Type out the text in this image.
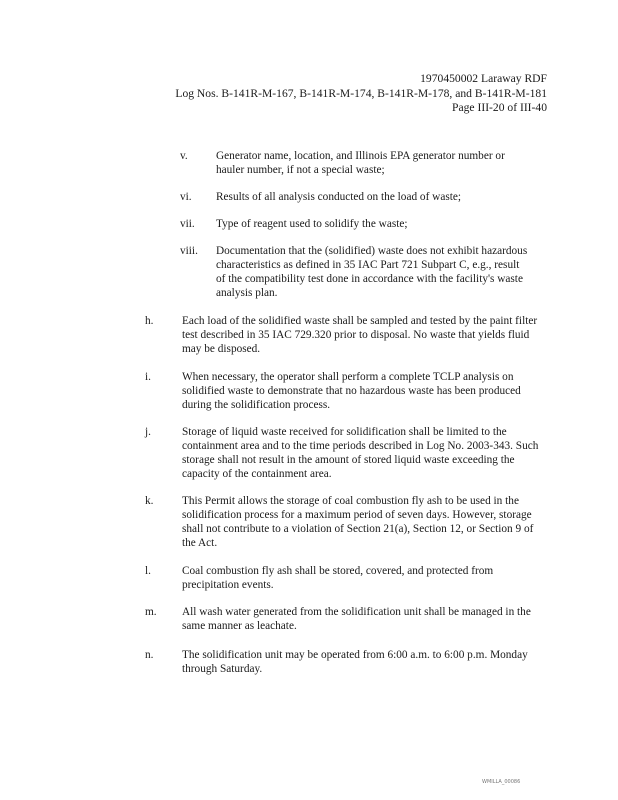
1970450002 Laraway RDF
Log Nos. B-141R-M-167, B-141R-M-174, B-141R-M-178, and B-141R-M-181
Page III-20 of III-40
v.	Generator name, location, and Illinois EPA generator number or hauler number, if not a special waste;
vi. Results of all analysis conducted on the load of waste;
vii. Type of reagent used to solidify the waste;
viii. Documentation that the (solidified) waste does not exhibit hazardous characteristics as defined in 35 IAC Part 721 Subpart C, e.g., result of the compatibility test done in accordance with the facility's waste analysis plan.
h.	Each load of the solidified waste shall be sampled and tested by the paint filter test described in 35 IAC 729.320 prior to disposal. No waste that yields fluid may be disposed.
i.	When necessary, the operator shall perform a complete TCLP analysis on solidified waste to demonstrate that no hazardous waste has been produced during the solidification process.
j.	Storage of liquid waste received for solidification shall be limited to the containment area and to the time periods described in Log No. 2003-343. Such storage shall not result in the amount of stored liquid waste exceeding the capacity of the containment area.
k.	This Permit allows the storage of coal combustion fly ash to be used in the solidification process for a maximum period of seven days. However, storage shall not contribute to a violation of Section 21(a), Section 12, or Section 9 of the Act.
l.	Coal combustion fly ash shall be stored, covered, and protected from precipitation events.
m. All wash water generated from the solidification unit shall be managed in the same manner as leachate.
n.	The solidification unit may be operated from 6:00 a.m. to 6:00 p.m. Monday through Saturday.
WMILLA_00086
